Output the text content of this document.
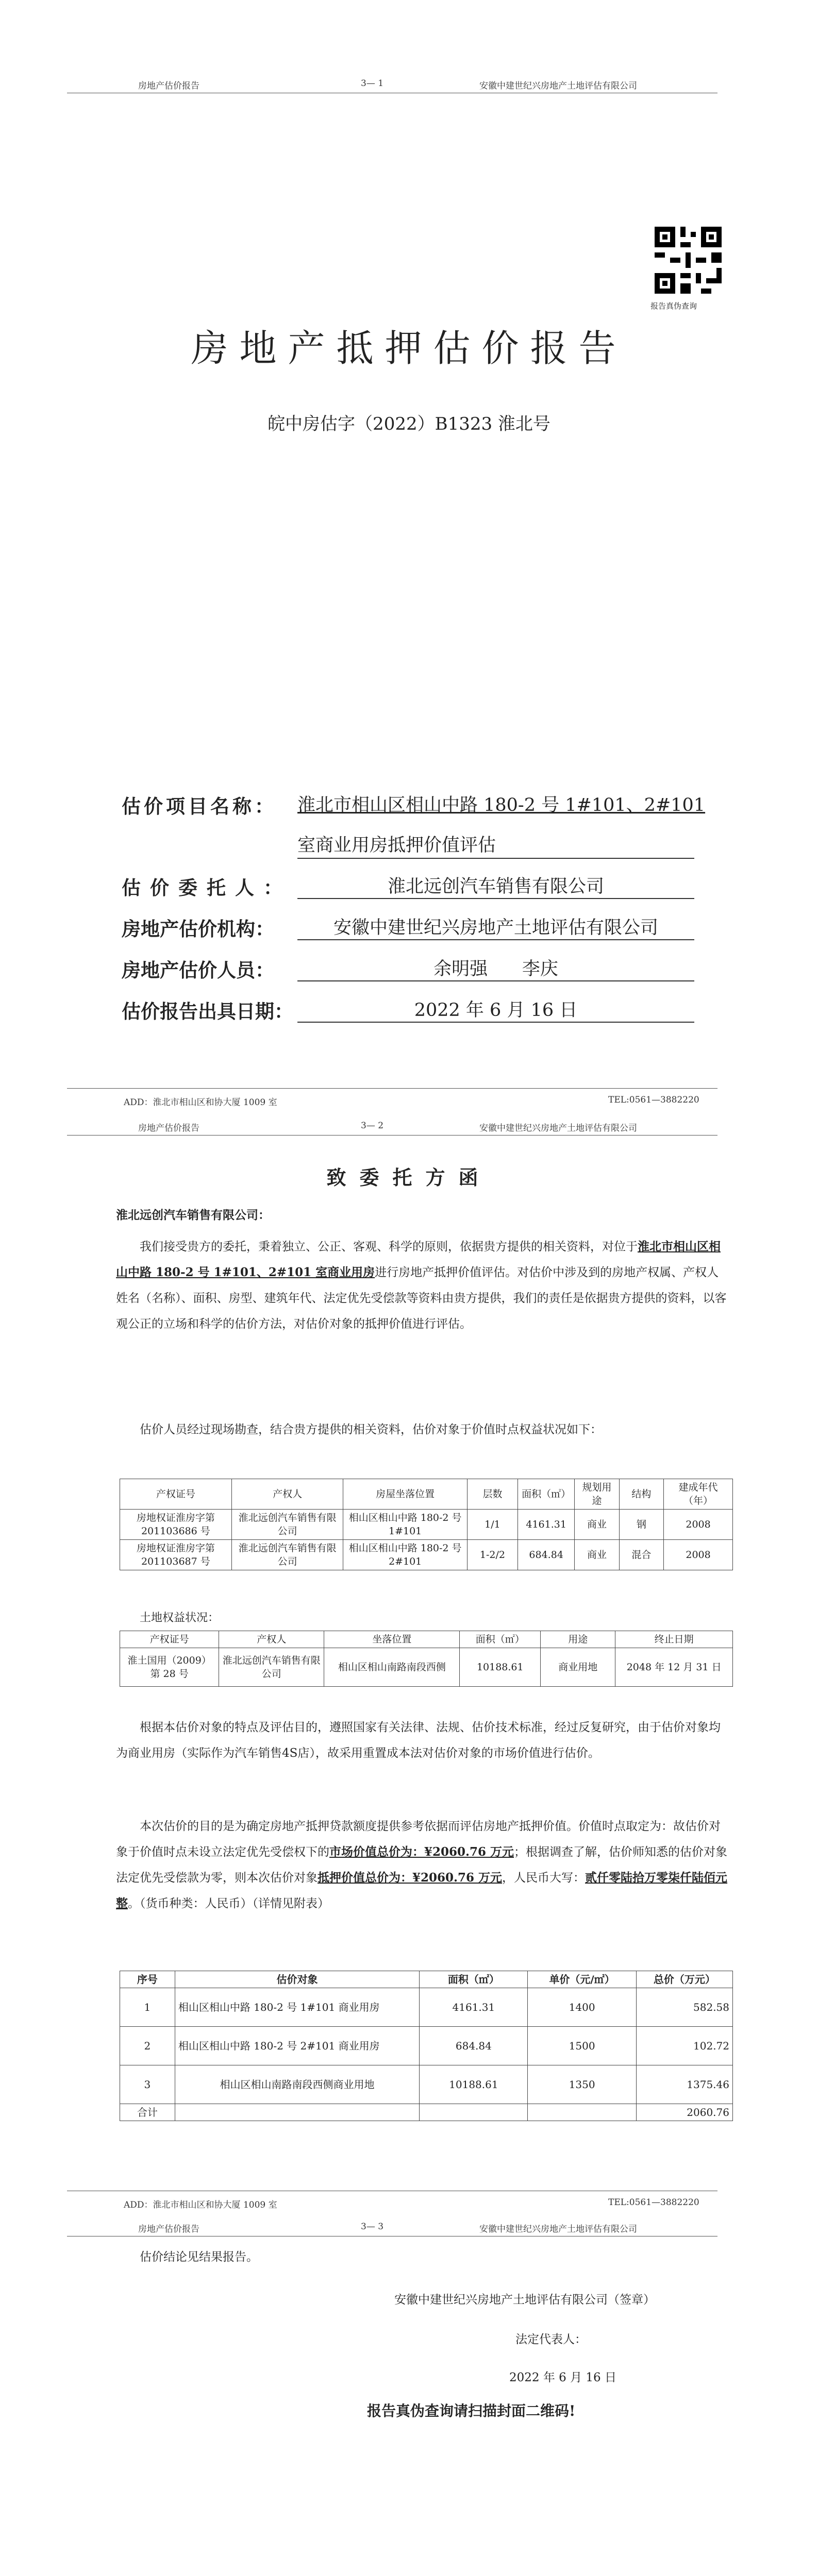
房地产估价报告	3— 1	安徽中建世纪兴房地产土地评估有限公司
报告真伪查询
房地产抵押估价报告
皖中房估字（2022）B1323 淮北号
估价项目名称： 淮北市相山区相山中路 180-2 号 1#101、2#101
室商业用房抵押价值评估
估价委托人：	淮北远创汽车销售有限公司
房地产估价机构：	安徽中建世纪兴房地产土地评估有限公司
房地产估价人员：	余明强      李庆
估价报告出具日期：	2022 年 6 月 16 日
ADD：淮北市相山区和协大厦 1009 室	TEL:0561—3882220
房地产估价报告	3— 2	安徽中建世纪兴房地产土地评估有限公司
致委托方函
淮北远创汽车销售有限公司：

我们接受贵方的委托，秉着独立、公正、客观、科学的原则，依据贵方提供的相关资料，对位于淮北市相山区相山中路 180-2 号 1#101、2#101 室商业用房进行房地产抵押价值评估。对估价中涉及到的房地产权属、产权人姓名（名称）、面积、房型、建筑年代、法定优先受偿款等资料由贵方提供，我们的责任是依据贵方提供的资料，以客观公正的立场和科学的估价方法，对估价对象的抵押价值进行评估。

估价人员经过现场勘查，结合贵方提供的相关资料，估价对象于价值时点权益状况如下：

产权证号	产权人	房屋坐落位置	层数	面积（㎡）	规划用途	结构	建成年代（年）
房地权证淮房字第 201103686 号	淮北远创汽车销售有限公司	相山区相山中路 180-2 号 1#101	1/1	4161.31	商业	钢	2008
房地权证淮房字第 201103687 号	淮北远创汽车销售有限公司	相山区相山中路 180-2 号 2#101	1-2/2	684.84	商业	混合	2008
土地权益状况：
产权证号	产权人	坐落位置	面积（㎡）	用途	终止日期
淮土国用（2009）第 28 号	淮北远创汽车销售有限公司	相山区相山南路南段西侧	10188.61	商业用地	2048 年 12 月 31 日

根据本估价对象的特点及评估目的，遵照国家有关法律、法规、估价技术标准，经过反复研究，由于估价对象均为商业用房（实际作为汽车销售4S店），故采用重置成本法对估价对象的市场价值进行估价。

本次估价的目的是为确定房地产抵押贷款额度提供参考依据而评估房地产抵押价值。价值时点取定为：故估价对象于价值时点未设立法定优先受偿权下的市场价值总价为：¥2060.76 万元；根据调查了解，估价师知悉的估价对象法定优先受偿款为零，则本次估价对象抵押价值总价为：¥2060.76 万元，人民币大写：贰仟零陆拾万零柒仟陆佰元整。（货币种类：人民币）（详情见附表）

序号	估价对象	面积（㎡）	单价（元/㎡）	总价（万元）
1	相山区相山中路 180-2 号 1#101 商业用房	4161.31	1400	582.58
2	相山区相山中路 180-2 号 2#101 商业用房	684.84	1500	102.72
3	相山区相山南路南段西侧商业用地	10188.61	1350	1375.46
合计				2060.76
ADD：淮北市相山区和协大厦 1009 室	TEL:0561—3882220
房地产估价报告	3— 3	安徽中建世纪兴房地产土地评估有限公司
估价结论见结果报告。
安徽中建世纪兴房地产土地评估有限公司（签章）
法定代表人：
2022 年 6 月 16 日
报告真伪查询请扫描封面二维码!
